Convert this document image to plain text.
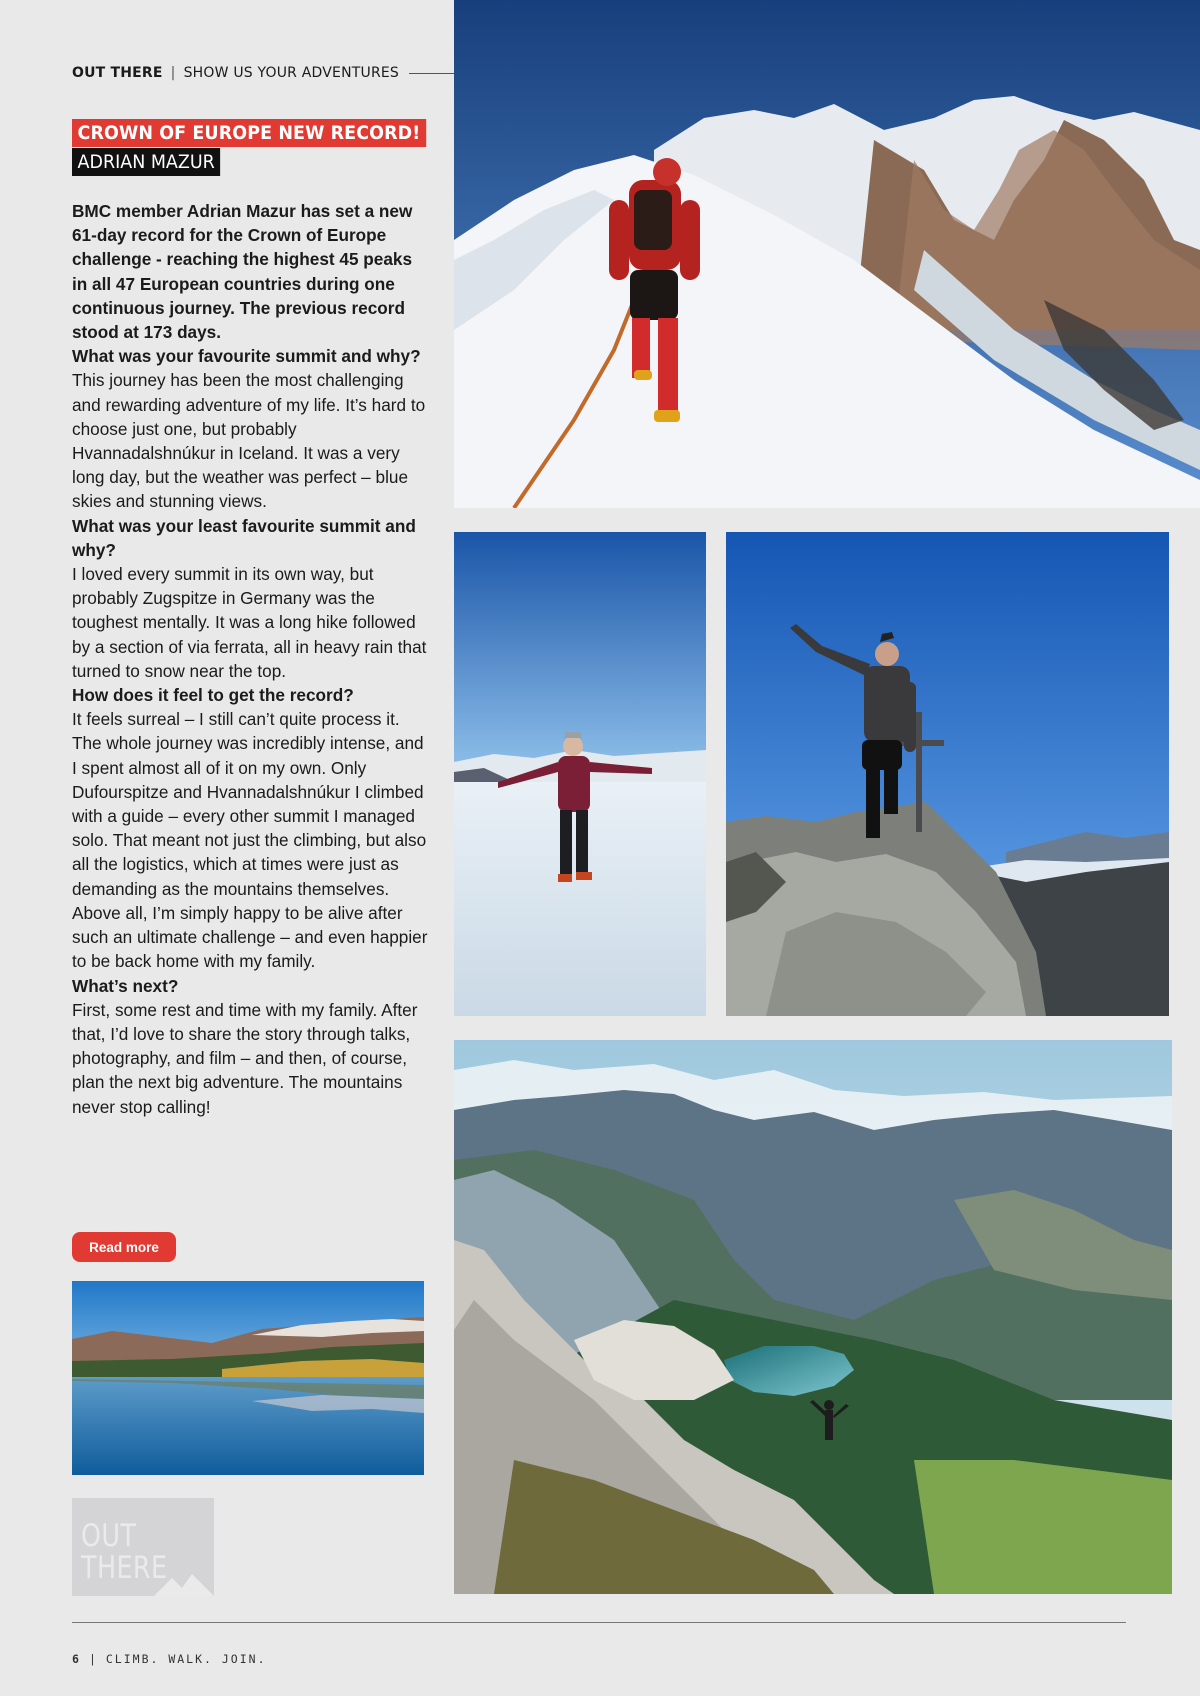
OUT THERE | SHOW US YOUR ADVENTURES
CROWN OF EUROPE NEW RECORD!
ADRIAN MAZUR

BMC member Adrian Mazur has set a new 61-day record for the Crown of Europe challenge - reaching the highest 45 peaks in all 47 European countries during one continuous journey. The previous record stood at 173 days.

What was your favourite summit and why?
This journey has been the most challenging and rewarding adventure of my life. It’s hard to choose just one, but probably Hvannadalshnúkur in Iceland. It was a very long day, but the weather was perfect – blue skies and stunning views.

What was your least favourite summit and why?
I loved every summit in its own way, but probably Zugspitze in Germany was the toughest mentally. It was a long hike followed by a section of via ferrata, all in heavy rain that turned to snow near the top.

How does it feel to get the record?
It feels surreal – I still can’t quite process it. The whole journey was incredibly intense, and I spent almost all of it on my own. Only Dufourspitze and Hvannadalshnúkur I climbed with a guide – every other summit I managed solo. That meant not just the climbing, but also all the logistics, which at times were just as demanding as the mountains themselves. Above all, I’m simply happy to be alive after such an ultimate challenge – and even happier to be back home with my family.

What’s next?
First, some rest and time with my family. After that, I’d love to share the story through talks, photography, and film – and then, of course, plan the next big adventure. The mountains never stop calling!

Read more
OUT
THERE
6 | CLIMB. WALK. JOIN.
